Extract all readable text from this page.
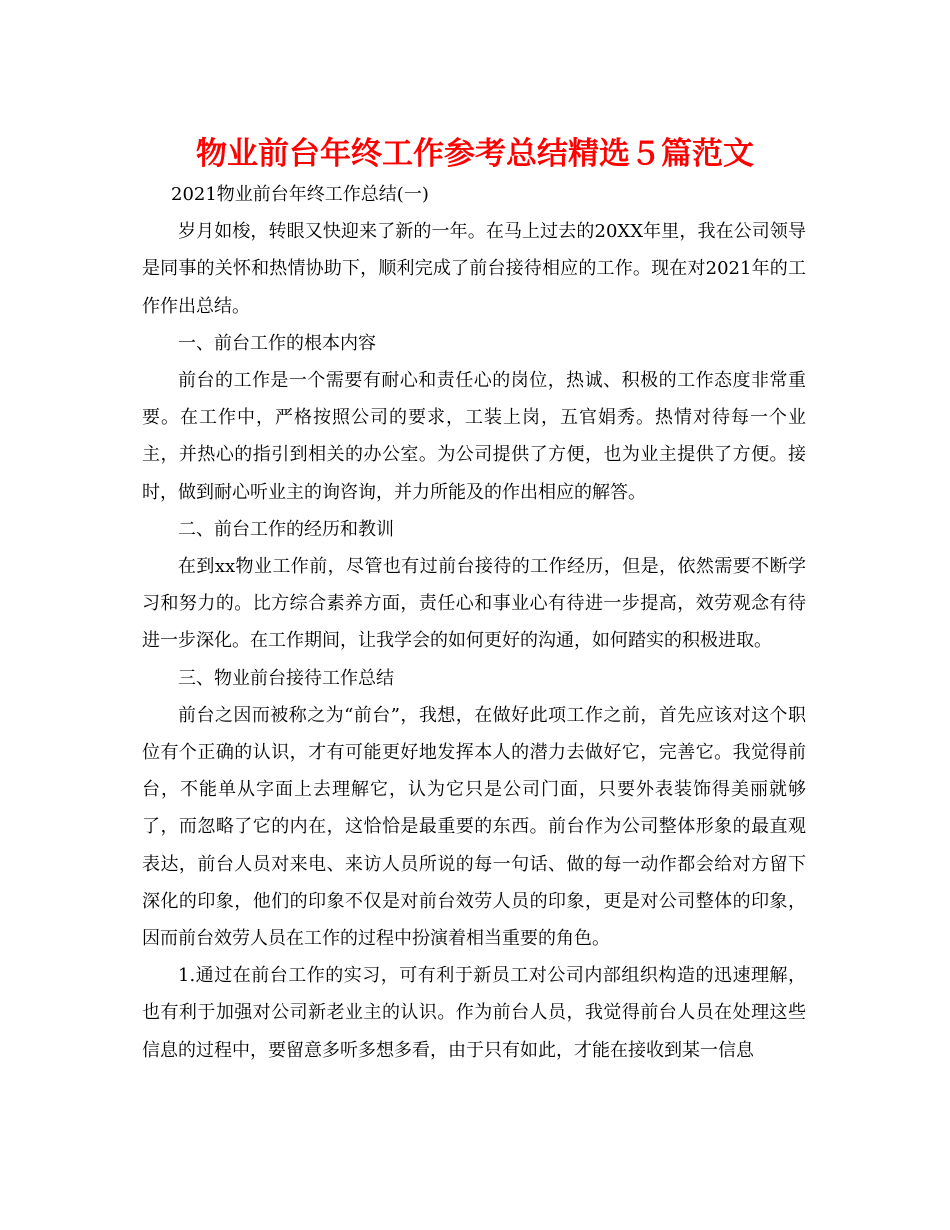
物业前台年终工作参考总结精选５篇范文

2021物业前台年终工作总结(一)

岁月如梭，转眼又快迎来了新的一年。在马上过去的20XX年里，我在公司领导是同事的关怀和热情协助下，顺利完成了前台接待相应的工作。现在对2021年的工作作出总结。

一、前台工作的根本内容

前台的工作是一个需要有耐心和责任心的岗位，热诚、积极的工作态度非常重要。在工作中，严格按照公司的要求，工装上岗，五官娟秀。热情对待每一个业主，并热心的指引到相关的办公室。为公司提供了方便，也为业主提供了方便。接时，做到耐心听业主的询咨询，并力所能及的作出相应的解答。

二、前台工作的经历和教训

在到xx物业工作前，尽管也有过前台接待的工作经历，但是，依然需要不断学习和努力的。比方综合素养方面，责任心和事业心有待进一步提高，效劳观念有待进一步深化。在工作期间，让我学会的如何更好的沟通，如何踏实的积极进取。

三、物业前台接待工作总结

前台之因而被称之为“前台”，我想，在做好此项工作之前，首先应该对这个职位有个正确的认识，才有可能更好地发挥本人的潜力去做好它，完善它。我觉得前台，不能单从字面上去理解它，认为它只是公司门面，只要外表装饰得美丽就够了，而忽略了它的内在，这恰恰是最重要的东西。前台作为公司整体形象的最直观表达，前台人员对来电、来访人员所说的每一句话、做的每一动作都会给对方留下深化的印象，他们的印象不仅是对前台效劳人员的印象，更是对公司整体的印象，因而前台效劳人员在工作的过程中扮演着相当重要的角色。

1.通过在前台工作的实习，可有利于新员工对公司内部组织构造的迅速理解，也有利于加强对公司新老业主的认识。作为前台人员，我觉得前台人员在处理这些信息的过程中，要留意多听多想多看，由于只有如此，才能在接收到某一信息
